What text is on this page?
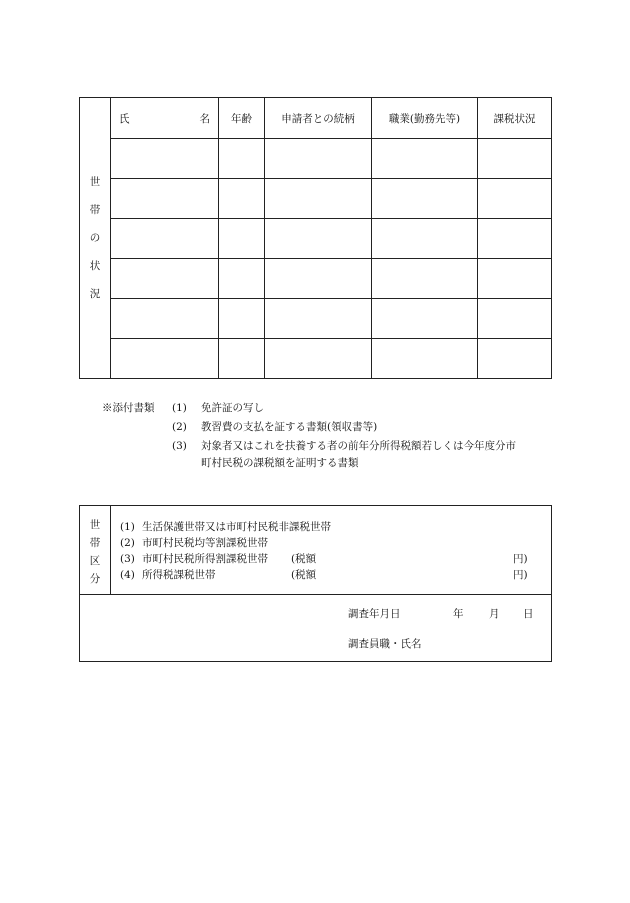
世
帯
の
状
況	氏 名	年齢	申請者との続柄	職業(勤務先等)	課税状況

※添付書類 (1) 免許証の写し
(2) 教習費の支払を証する書類(領収書等)
(3) 対象者又はこれを扶養する者の前年分所得税額若しくは今年度分市
町村民税の課税額を証明する書類
世
帯
区
分
(1) 生活保護世帯又は市町村民税非課税世帯
(2) 市町村民税均等割課税世帯
(3) 市町村民税所得割課税世帯 (税額	円)
(4) 所得税課税世帯	(税額	円)
調査年月日	年 月 日
調査員職・氏名
